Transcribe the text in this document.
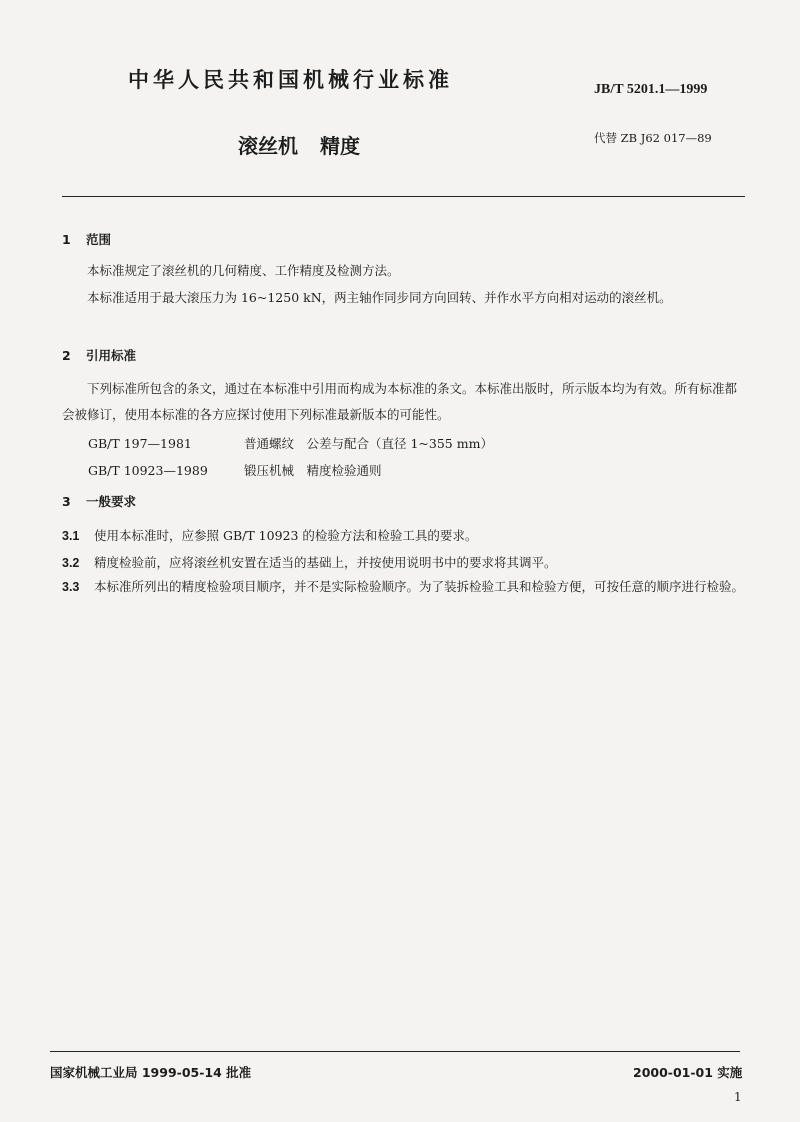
中华人民共和国机械行业标准	JB/T 5201.1—1999
滚丝机 精度	代替 ZB J62 017—89
1 范围
本标准规定了滚丝机的几何精度、工作精度及检测方法。
本标准适用于最大滚压力为 16~1250 kN，两主轴作同步同方向回转、并作水平方向相对运动的滚丝机。
2 引用标准
下列标准所包含的条文，通过在本标准中引用而构成为本标准的条文。本标准出版时，所示版本均为有效。所有标准都会被修订，使用本标准的各方应探讨使用下列标准最新版本的可能性。
GB/T 197—1981	普通螺纹　公差与配合（直径 1~355 mm）
GB/T 10923—1989	锻压机械　精度检验通则
3 一般要求
3.1 使用本标准时，应参照 GB/T 10923 的检验方法和检验工具的要求。
3.2 精度检验前，应将滚丝机安置在适当的基础上，并按使用说明书中的要求将其调平。
3.3 本标准所列出的精度检验项目顺序，并不是实际检验顺序。为了装拆检验工具和检验方便，可按任意的顺序进行检验。
国家机械工业局 1999-05-14 批准	2000-01-01 实施
1
